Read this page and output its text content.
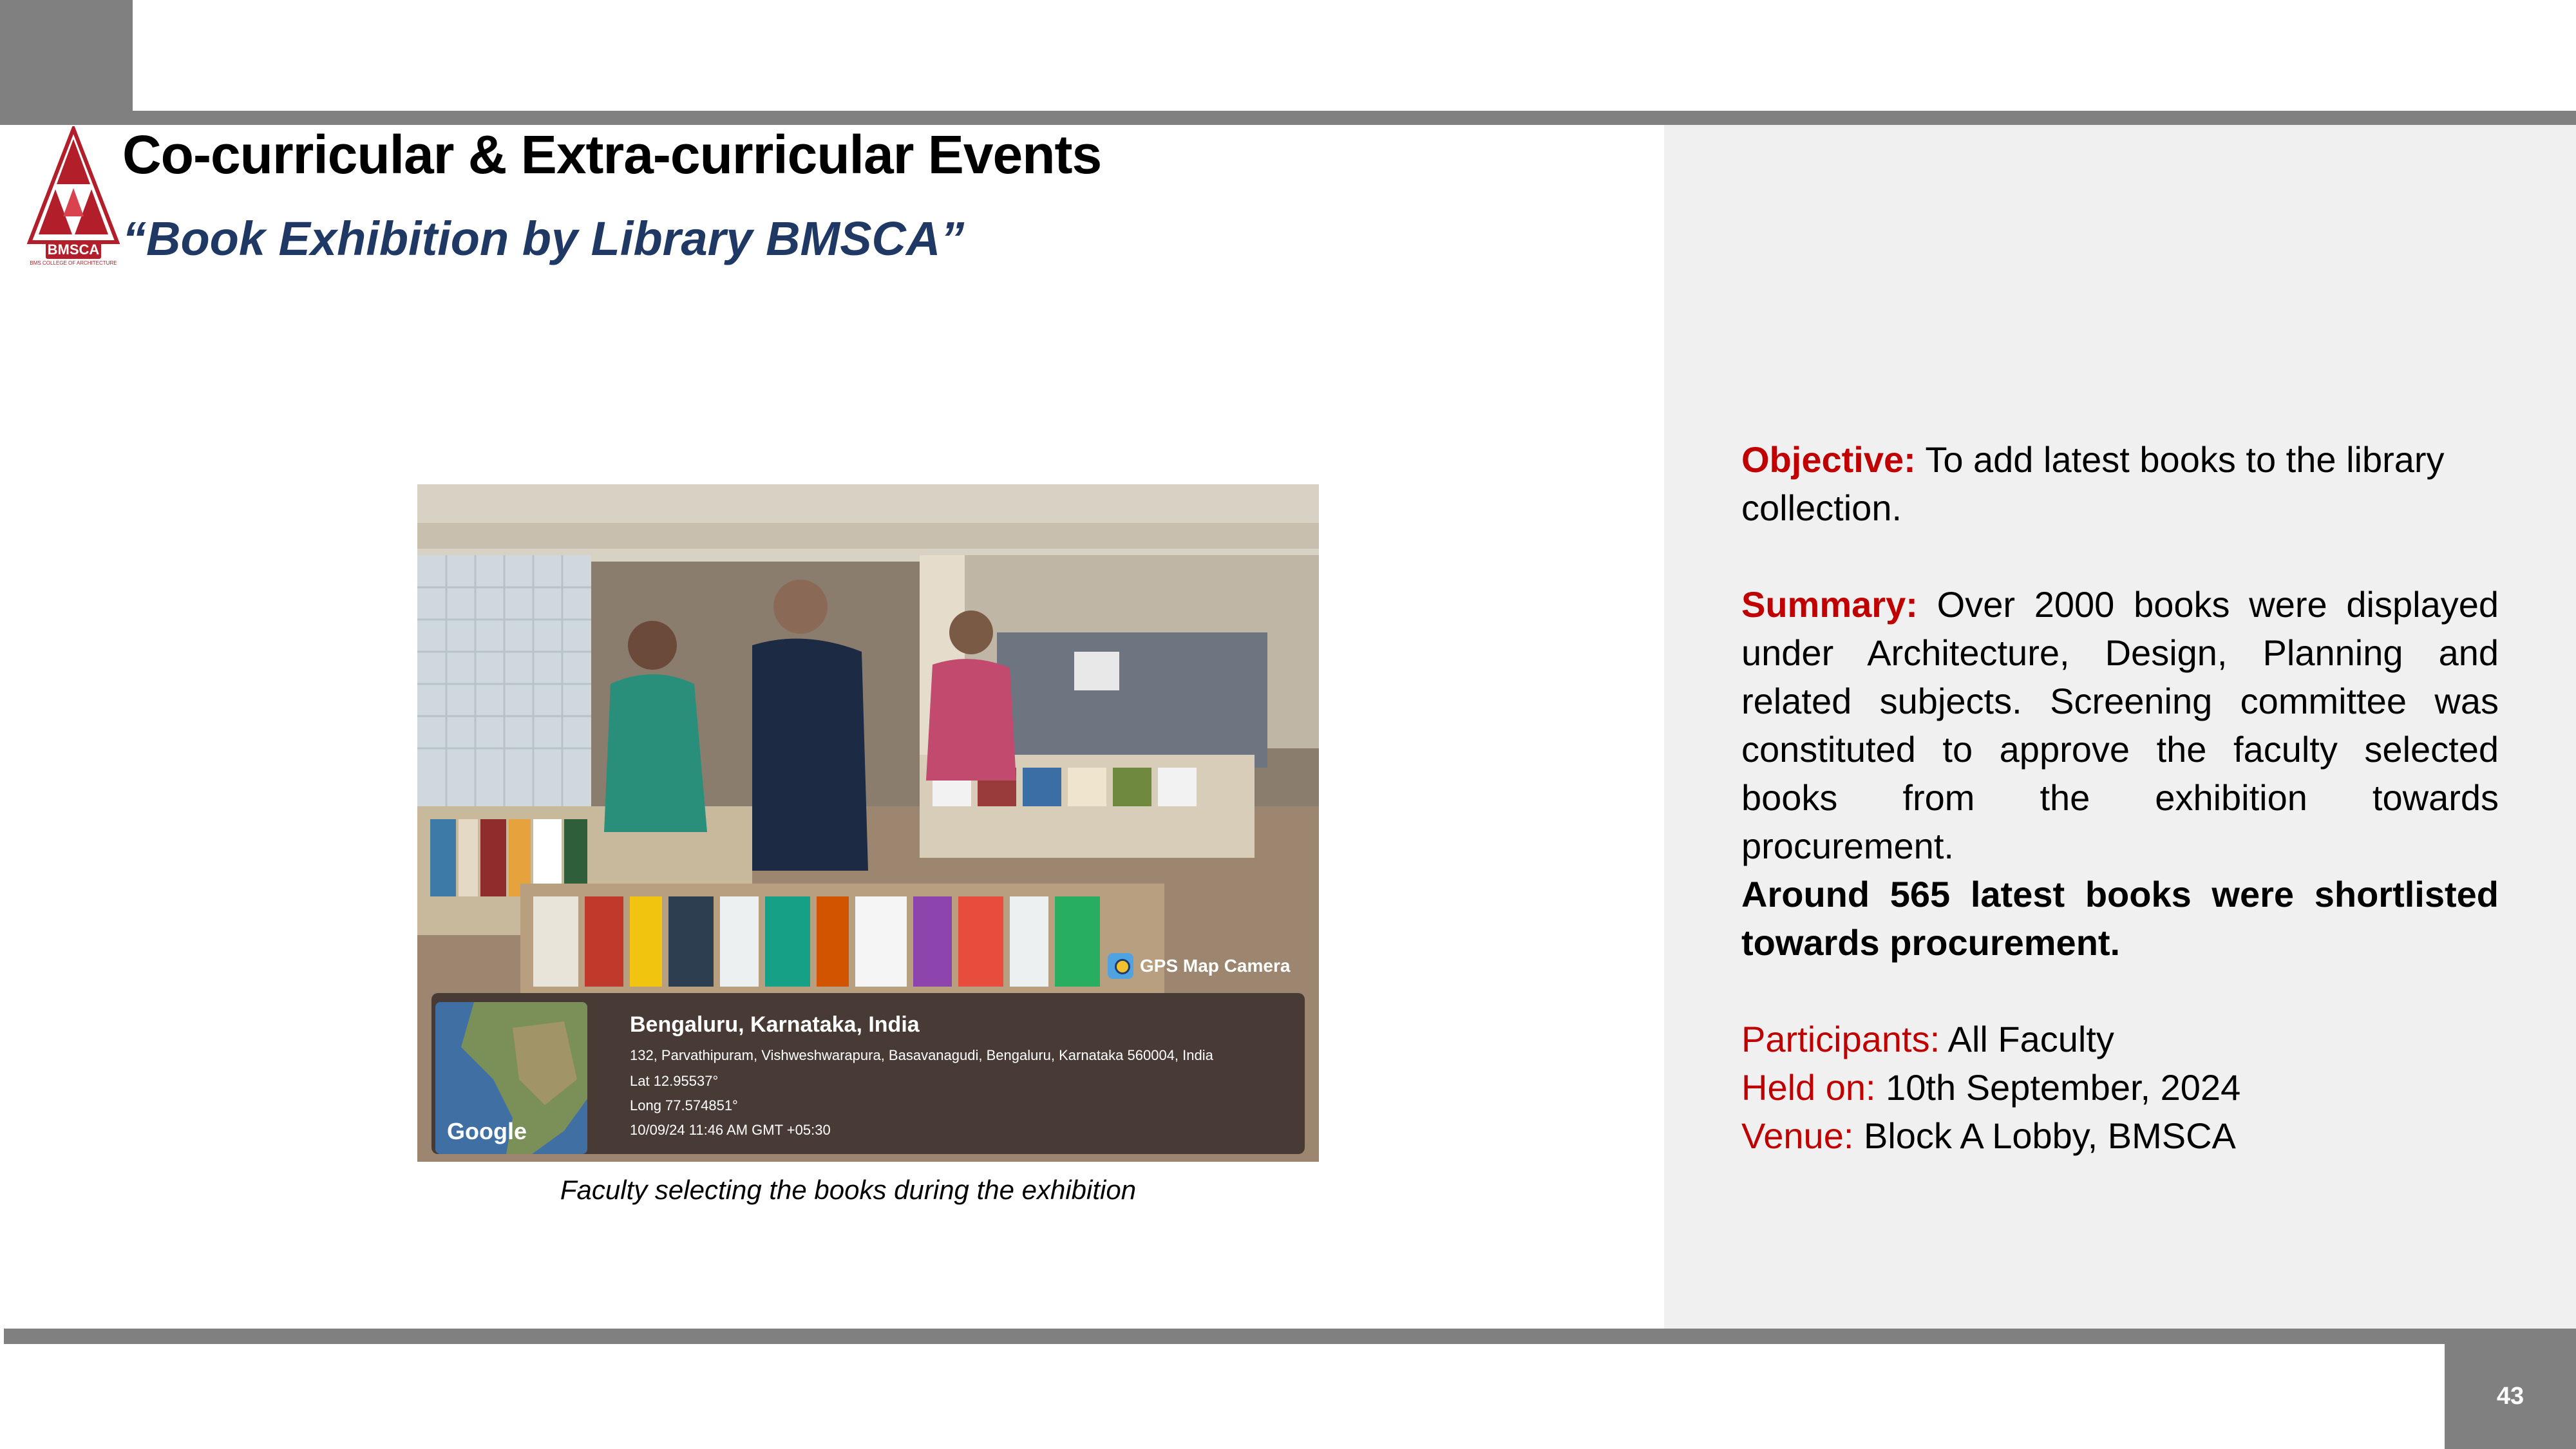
BMSCA
BMS COLLEGE OF ARCHITECTURE
Co-curricular & Extra-curricular Events
“Book Exhibition by Library BMSCA”
GPS Map Camera
Google
Bengaluru, Karnataka, India
132, Parvathipuram, Vishweshwarapura, Basavanagudi, Bengaluru, Karnataka 560004, India
Lat 12.95537°
Long 77.574851°
10/09/24 11:46 AM GMT +05:30
Faculty selecting the books during the exhibition

Objective: To add latest books to the library collection.

Summary: Over 2000 books were displayed under Architecture, Design, Planning and related subjects. Screening committee was constituted to approve the faculty selected books from the exhibition towards procurement.

Around 565 latest books were shortlisted towards procurement.

Participants: All Faculty

Held on: 10th September, 2024

Venue: Block A Lobby, BMSCA

43
